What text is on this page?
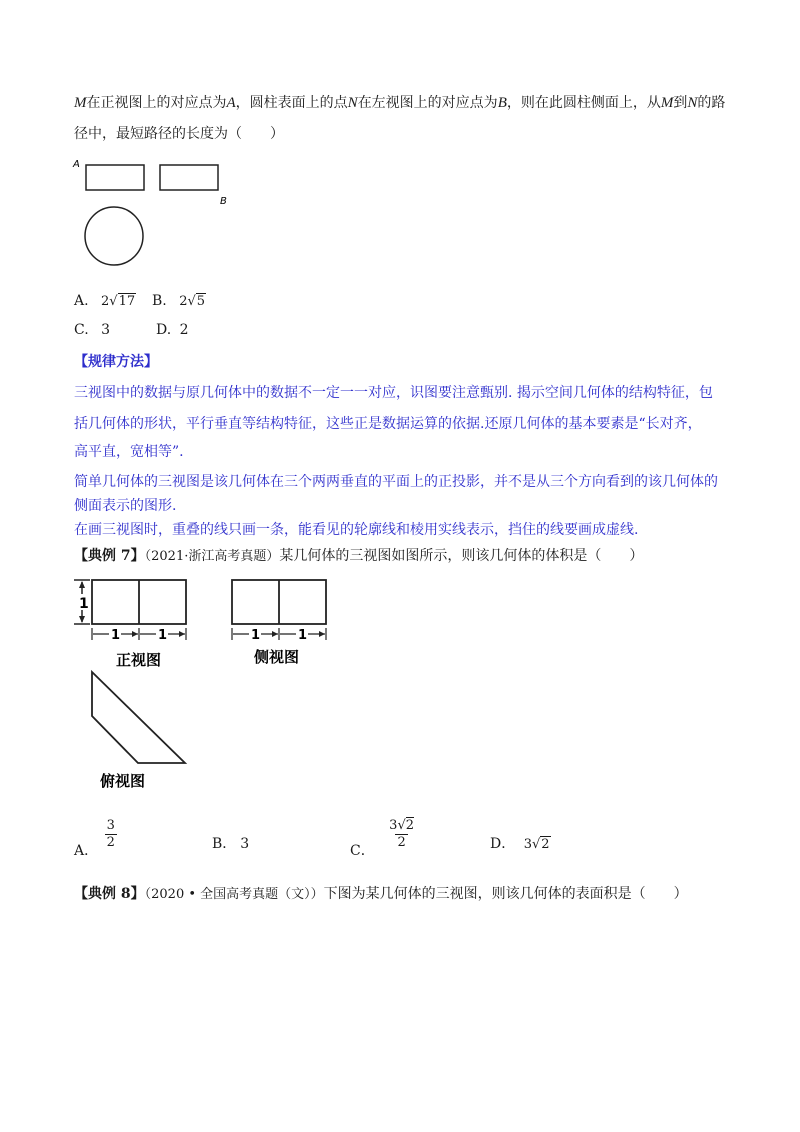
M在正视图上的对应点为A，圆柱表面上的点N在左视图上的对应点为B，则在此圆柱侧面上，从M到N的路
径中，最短路径的长度为（　　）
A
B
A. 2√17 B. 2√5
C. 3	D. 2
【规律方法】
三视图中的数据与原几何体中的数据不一定一一对应，识图要注意甄别. 揭示空间几何体的结构特征，包
括几何体的形状，平行垂直等结构特征，这些正是数据运算的依据.还原几何体的基本要素是“长对齐，
高平直，宽相等”.
简单几何体的三视图是该几何体在三个两两垂直的平面上的正投影，并不是从三个方向看到的该几何体的
侧面表示的图形.
在画三视图时，重叠的线只画一条，能看见的轮廓线和棱用实线表示，挡住的线要画成虚线.
【典例 7】（2021·浙江高考真题）某几何体的三视图如图所示，则该几何体的体积是（　　）
1
1	1
正视图
1	1
侧视图
俯视图
A． $\frac{3}{2}$	B． 3	C． $\frac{3√2}{2}$	D． 3√2
【典例 8】（2020 • 全国高考真题（文））下图为某几何体的三视图，则该几何体的表面积是（　　）
